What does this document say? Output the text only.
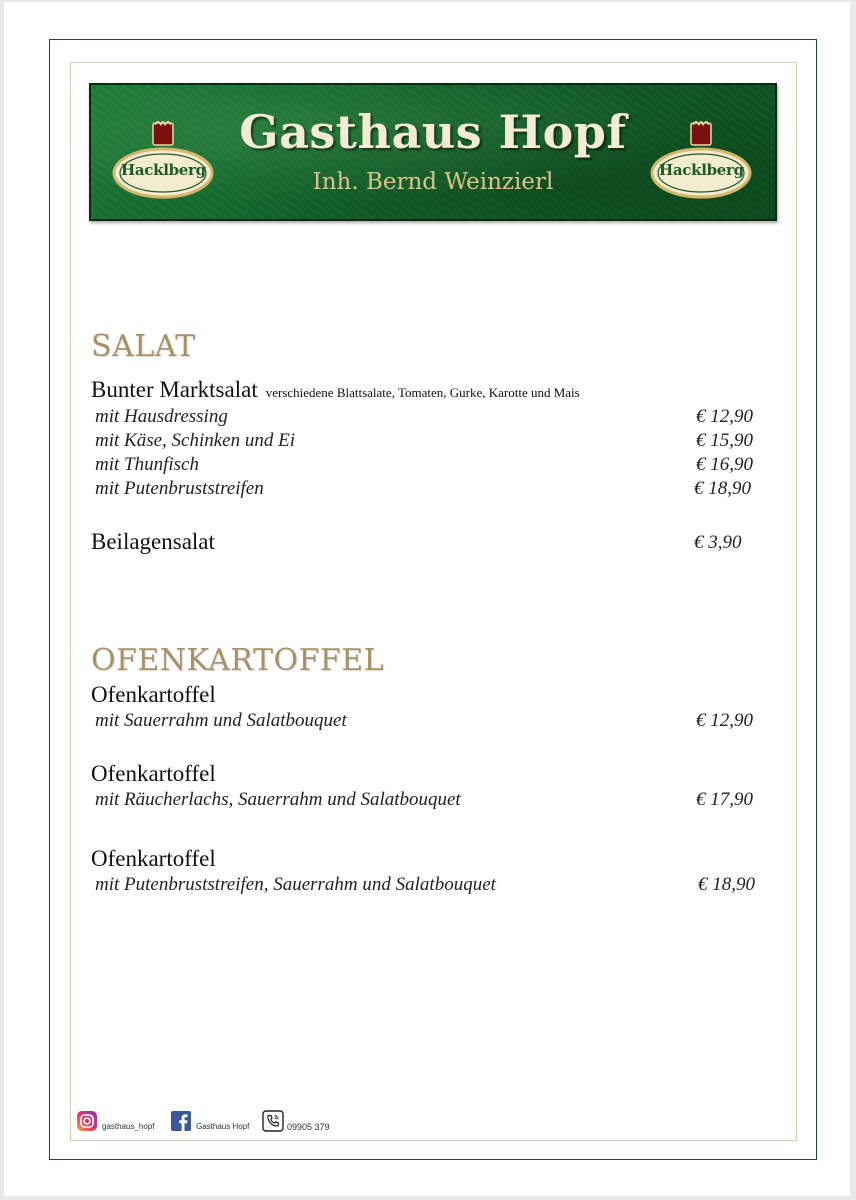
Hacklberg
Gasthaus Hopf
Inh. Bernd Weinzierl	Hacklberg
SALAT
Bunter Marktsalat verschiedene Blattsalate, Tomaten, Gurke, Karotte und Mais
mit Hausdressing	€ 12,90
mit Käse, Schinken und Ei	€ 15,90
mit Thunfisch	€ 16,90
mit Putenbruststreifen	€ 18,90
Beilagensalat	€ 3,90
OFENKARTOFFEL
Ofenkartoffel
mit Sauerrahm und Salatbouquet	€ 12,90
Ofenkartoffel
mit Räucherlachs, Sauerrahm und Salatbouquet	€ 17,90
Ofenkartoffel
mit Putenbruststreifen, Sauerrahm und Salatbouquet	€ 18,90
gasthaus_hopf	Gasthaus Hopf	09905 379
